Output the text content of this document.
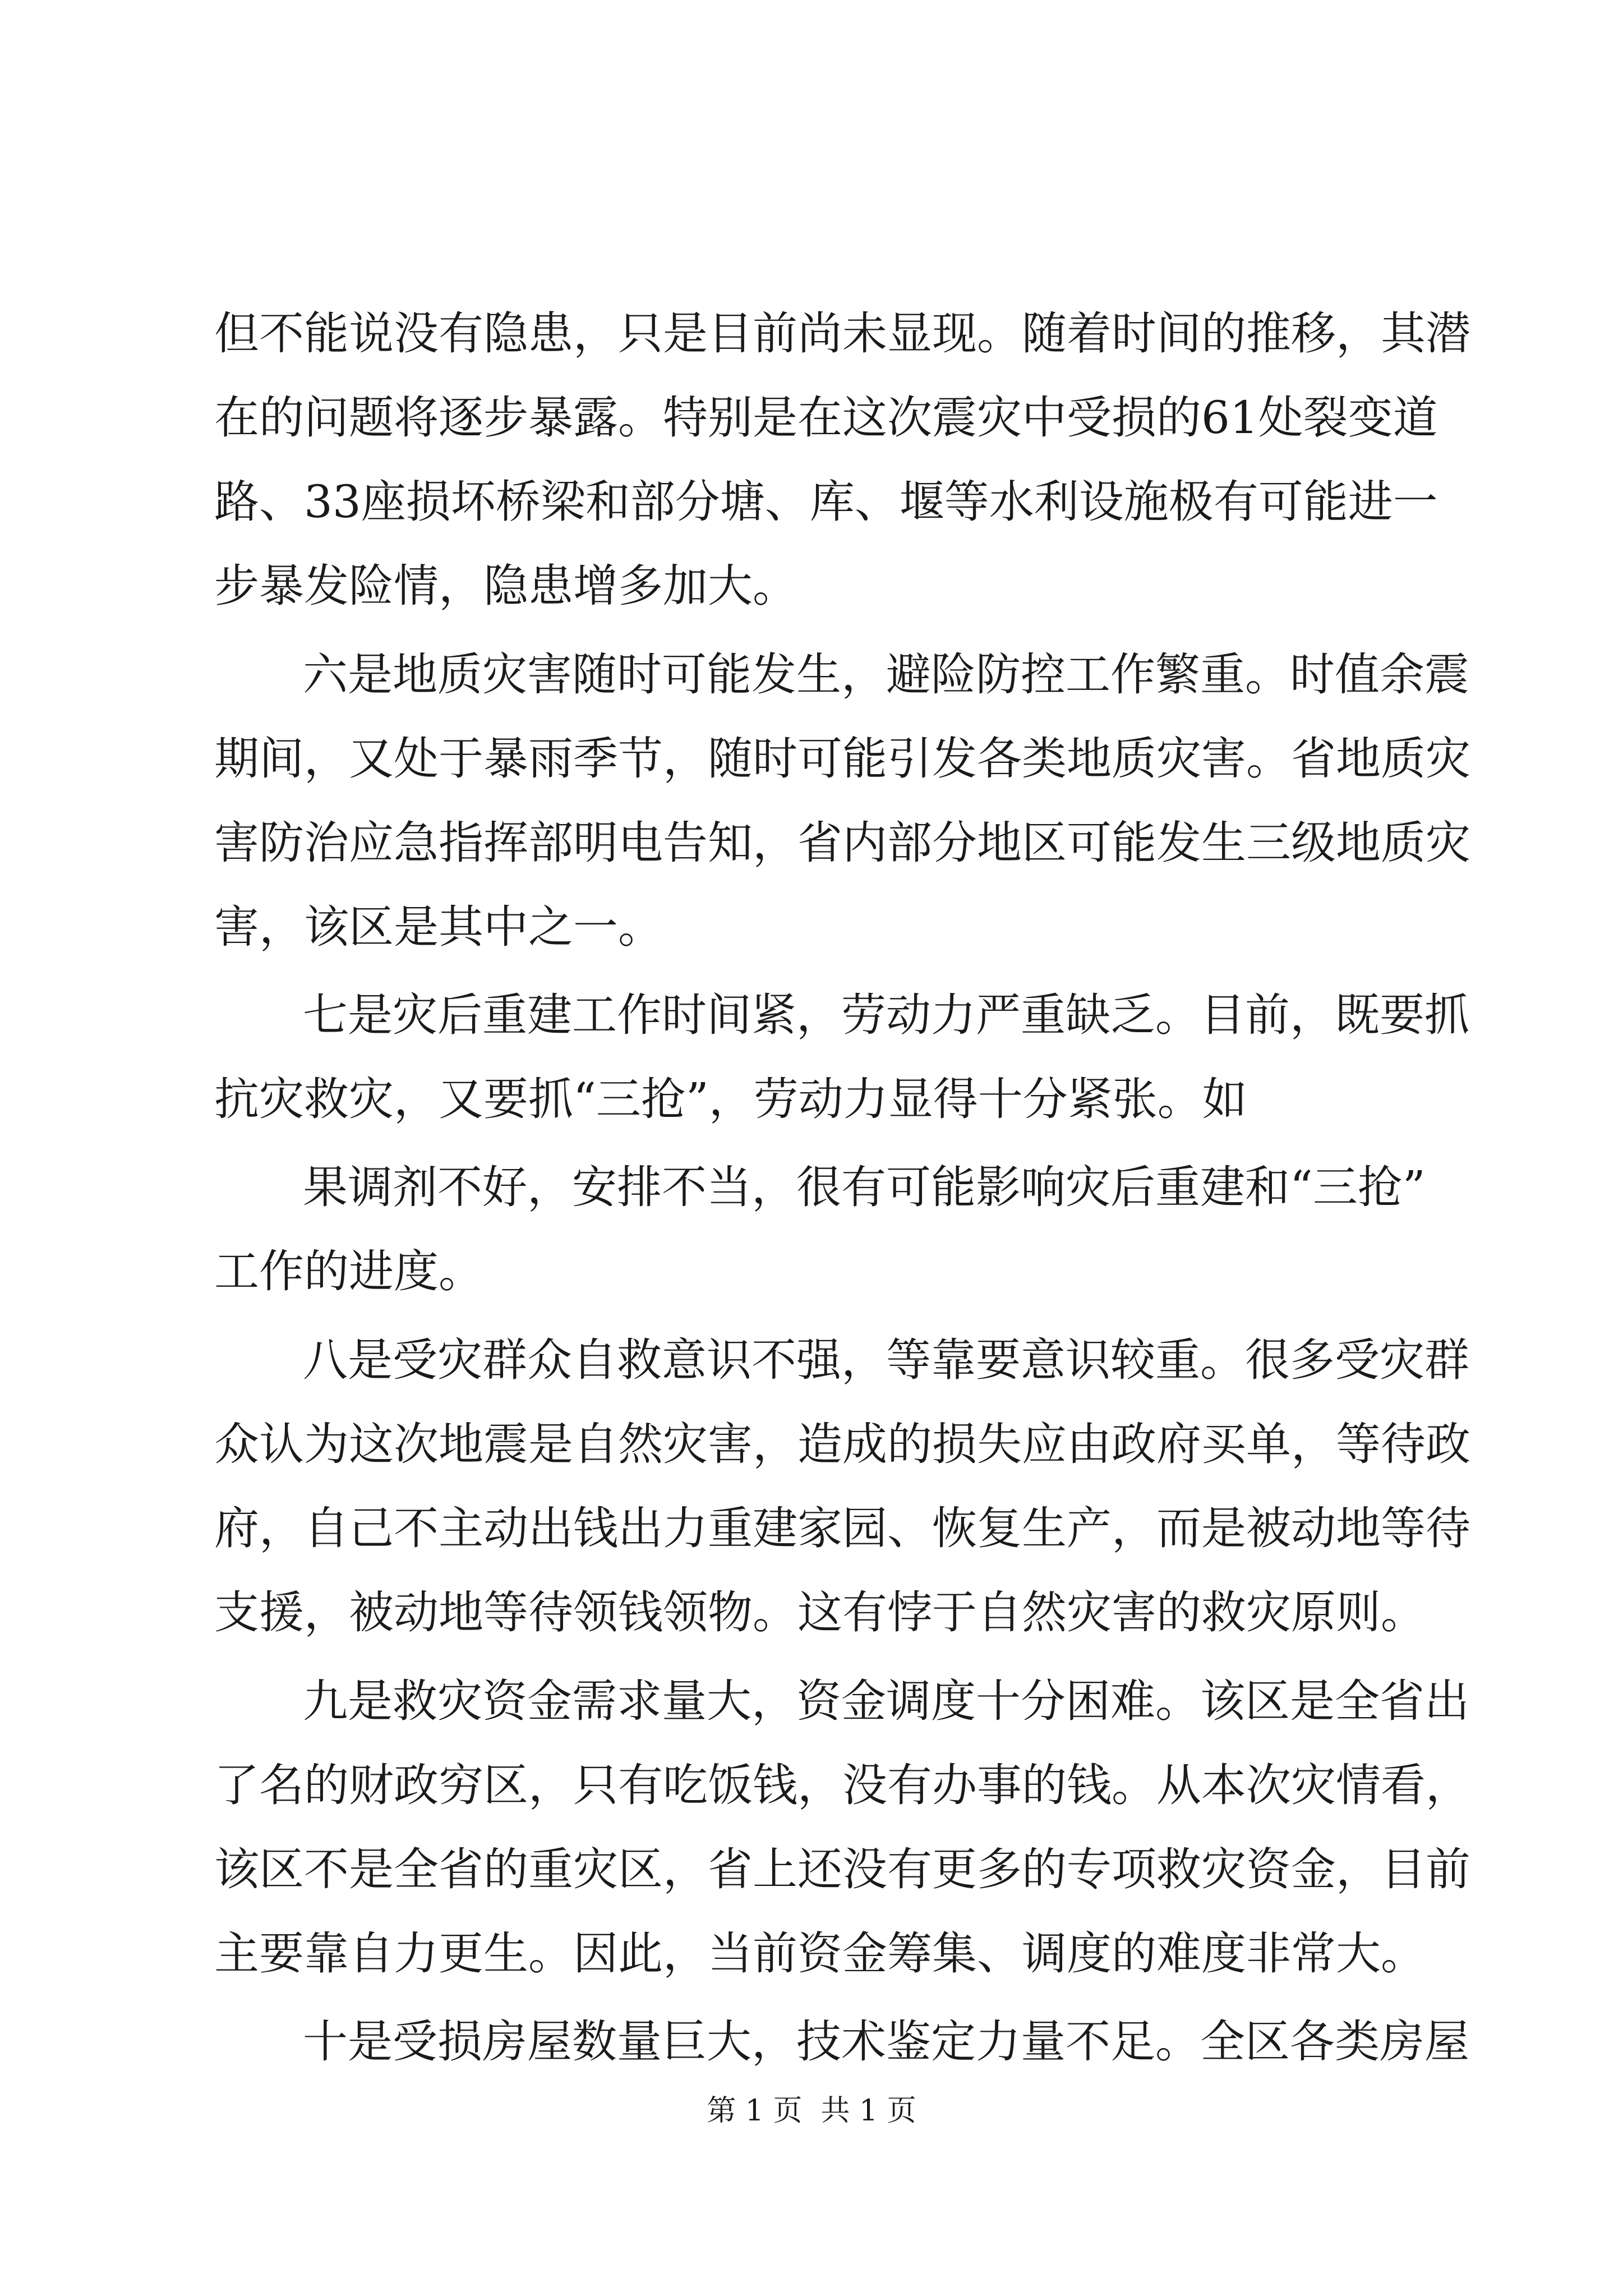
但不能说没有隐患，只是目前尚未显现。随着时间的推移，其潜
在的问题将逐步暴露。特别是在这次震灾中受损的61处裂变道
路、33座损坏桥梁和部分塘、库、堰等水利设施极有可能进一
步暴发险情，隐患增多加大。
六是地质灾害随时可能发生，避险防控工作繁重。时值余震
期间，又处于暴雨季节，随时可能引发各类地质灾害。省地质灾
害防治应急指挥部明电告知，省内部分地区可能发生三级地质灾
害，该区是其中之一。
七是灾后重建工作时间紧，劳动力严重缺乏。目前，既要抓
抗灾救灾，又要抓“三抢”，劳动力显得十分紧张。如
果调剂不好，安排不当，很有可能影响灾后重建和“三抢”
工作的进度。
八是受灾群众自救意识不强，等靠要意识较重。很多受灾群
众认为这次地震是自然灾害，造成的损失应由政府买单，等待政
府，自己不主动出钱出力重建家园、恢复生产，而是被动地等待
支援，被动地等待领钱领物。这有悖于自然灾害的救灾原则。
九是救灾资金需求量大，资金调度十分困难。该区是全省出
了名的财政穷区，只有吃饭钱，没有办事的钱。从本次灾情看，
该区不是全省的重灾区，省上还没有更多的专项救灾资金，目前
主要靠自力更生。因此，当前资金筹集、调度的难度非常大。
十是受损房屋数量巨大，技术鉴定力量不足。全区各类房屋
第 1 页  共 1 页
